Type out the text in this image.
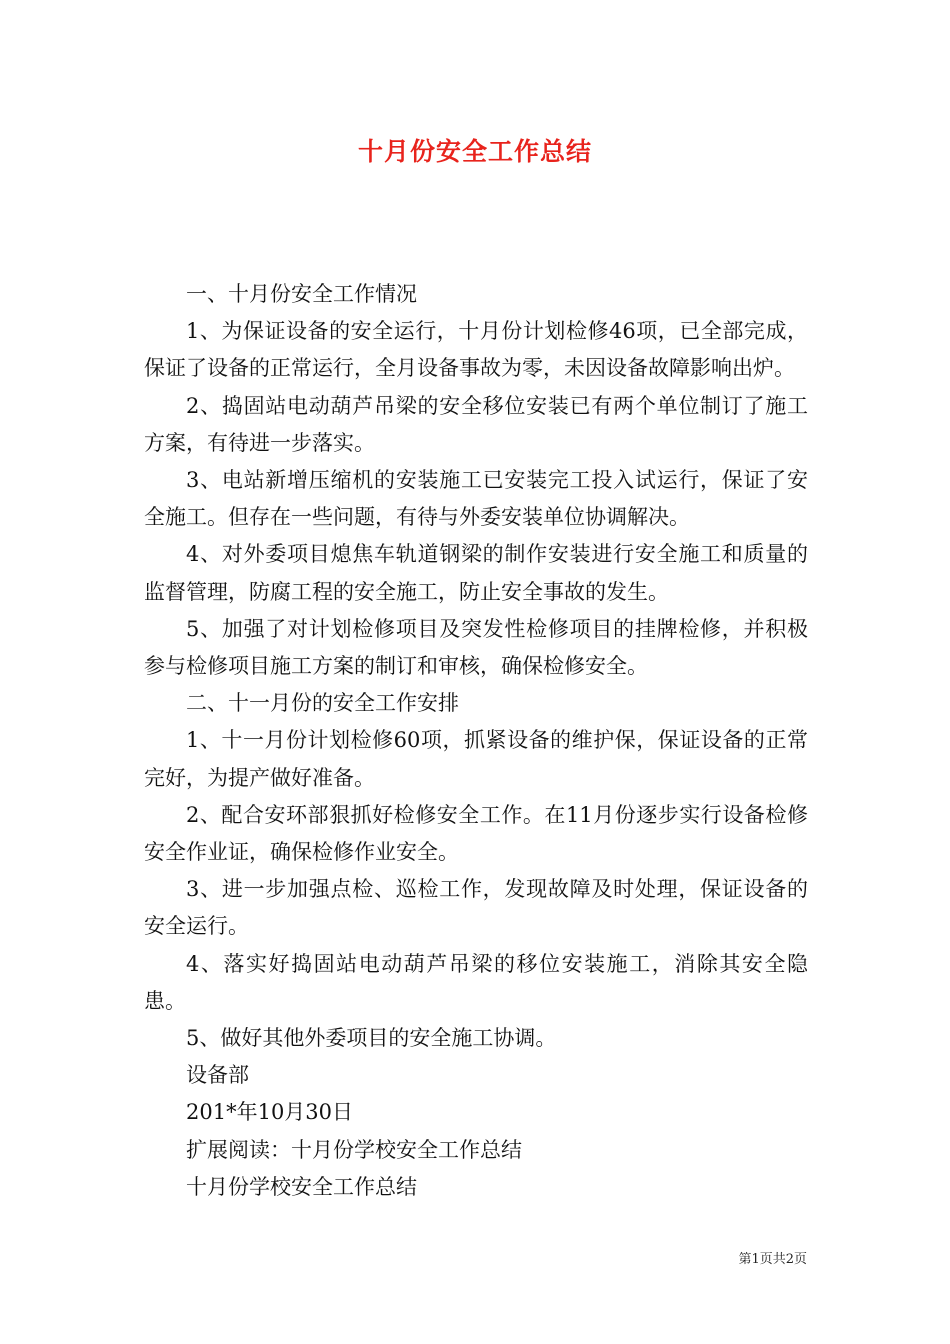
十月份安全工作总结

一、十月份安全工作情况

1、为保证设备的安全运行，十月份计划检修46项，已全部完成，保证了设备的正常运行，全月设备事故为零，未因设备故障影响出炉。

2、捣固站电动葫芦吊梁的安全移位安装已有两个单位制订了施工方案，有待进一步落实。

3、电站新增压缩机的安装施工已安装完工投入试运行，保证了安全施工。但存在一些问题，有待与外委安装单位协调解决。

4、对外委项目熄焦车轨道钢梁的制作安装进行安全施工和质量的监督管理，防腐工程的安全施工，防止安全事故的发生。

5、加强了对计划检修项目及突发性检修项目的挂牌检修，并积极参与检修项目施工方案的制订和审核，确保检修安全。

二、十一月份的安全工作安排

1、十一月份计划检修60项，抓紧设备的维护保，保证设备的正常完好，为提产做好准备。

2、配合安环部狠抓好检修安全工作。在11月份逐步实行设备检修安全作业证，确保检修作业安全。

3、进一步加强点检、巡检工作，发现故障及时处理，保证设备的安全运行。

4、落实好捣固站电动葫芦吊梁的移位安装施工，消除其安全隐患。

5、做好其他外委项目的安全施工协调。

设备部

201*年10月30日

扩展阅读：十月份学校安全工作总结

十月份学校安全工作总结

第1页共2页
